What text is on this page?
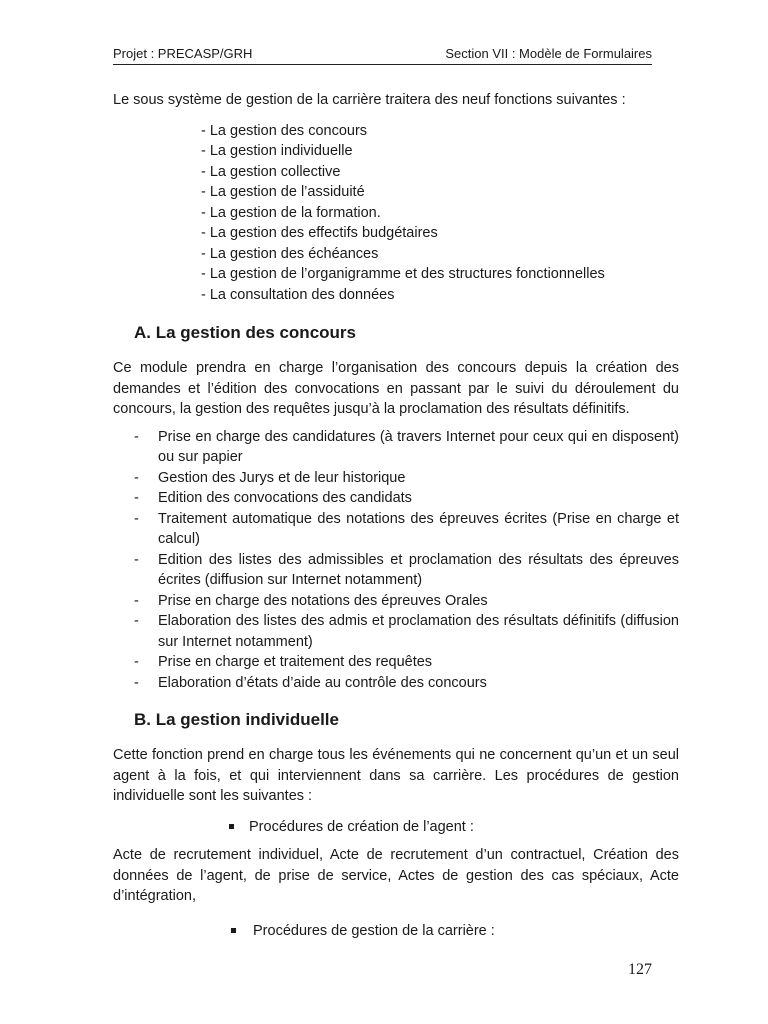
Projet : PRECASP/GRH	Section VII : Modèle de Formulaires

Le sous système de gestion de la carrière traitera des neuf fonctions suivantes :

- La gestion des concours
- La gestion individuelle
- La gestion collective
- La gestion de l’assiduité
- La gestion de la formation.
- La gestion des effectifs budgétaires
- La gestion des échéances
- La gestion de l’organigramme et des structures fonctionnelles
- La consultation des données
A. La gestion des concours

Ce module prendra en charge l’organisation des concours depuis la création des demandes et l’édition des convocations en passant par le suivi du déroulement du concours, la gestion des requêtes jusqu’à la proclamation des résultats définitifs.

- Prise en charge des candidatures (à travers Internet pour ceux qui en disposent) ou sur papier
- Gestion des Jurys et de leur historique
- Edition des convocations des candidats
- Traitement automatique des notations des épreuves écrites (Prise en charge et calcul)
- Edition des listes des admissibles et proclamation des résultats des épreuves écrites (diffusion sur Internet notamment)
- Prise en charge des notations des épreuves Orales
- Elaboration des listes des admis et proclamation des résultats définitifs (diffusion sur Internet notamment)
- Prise en charge et traitement des requêtes
- Elaboration d’états d’aide au contrôle des concours
B. La gestion individuelle

Cette fonction prend en charge tous les événements qui ne concernent qu’un et un seul agent à la fois, et qui interviennent dans sa carrière. Les procédures de gestion individuelle sont les suivantes :

Procédures de création de l’agent :

Acte de recrutement individuel, Acte de recrutement d’un contractuel, Création des données de l’agent, de prise de service, Actes de gestion des cas spéciaux, Acte d’intégration,

Procédures de gestion de la carrière :
127
